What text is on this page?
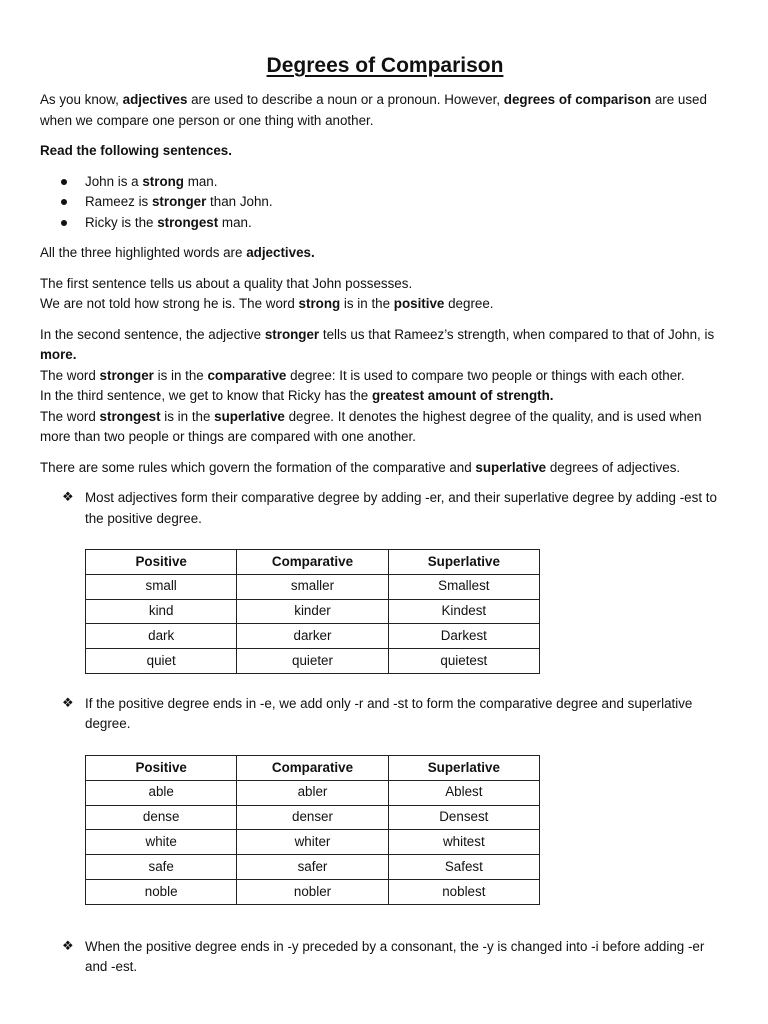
Degrees of Comparison

As you know, adjectives are used to describe a noun or a pronoun. However, degrees of comparison are used when we compare one person or one thing with another.

Read the following sentences.

John is a strong man.
Rameez is stronger than John.
Ricky is the strongest man.

All the three highlighted words are adjectives.

The first sentence tells us about a quality that John possesses.
We are not told how strong he is. The word strong is in the positive degree.

In the second sentence, the adjective stronger tells us that Rameez’s strength, when compared to that of John, is more.
The word stronger is in the comparative degree: It is used to compare two people or things with each other.
In the third sentence, we get to know that Ricky has the greatest amount of strength.
The word strongest is in the superlative degree. It denotes the highest degree of the quality, and is used when more than two people or things are compared with one another.

There are some rules which govern the formation of the comparative and superlative degrees of adjectives.

❖ Most adjectives form their comparative degree by adding -er, and their superlative degree by adding -est to the positive degree.
Positive	Comparative	Superlative
small	smaller	Smallest
kind	kinder	Kindest
dark	darker	Darkest
quiet	quieter	quietest
❖ If the positive degree ends in -e, we add only -r and -st to form the comparative degree and superlative degree.
Positive	Comparative	Superlative
able	abler	Ablest
dense	denser	Densest
white	whiter	whitest
safe	safer	Safest
noble	nobler	noblest
❖ When the positive degree ends in -y preceded by a consonant, the -y is changed into -i before adding -er and -est.
